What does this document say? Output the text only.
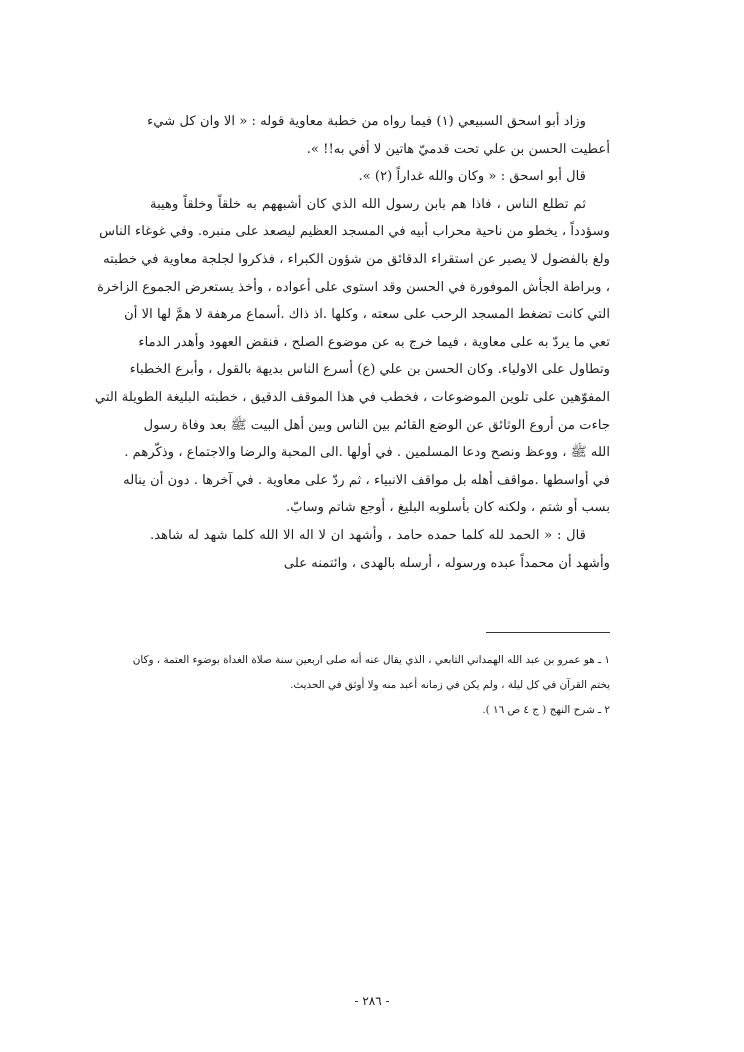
وزاد أبو اسحق السبيعي (١) فيما رواه من خطبة معاوية قوله : « الا وان كل شيء
أعطيت الحسن بن علي تحت قدميّ هاتين لا أفي به!! ».
قال أبو اسحق : « وكان والله غداراً (٢) ».
ثم تطلع الناس ، فاذا هم بابن رسول الله الذي كان أشبههم به خلقاً وخلقاً وهيبة
وسؤدداً ، يخطو من ناحية محراب أبيه في المسجد العظيم ليصعد على منبره. وفي غوغاء الناس
ولغ بالفضول لا يصبر عن استقراء الدقائق من شؤون الكبراء ، فذكروا لجلجة معاوية في خطبته
، وبراطة الجأش الموفورة في الحسن وقد استوى على أعواده ، وأخذ يستعرض الجموع الزاخرة
التي كانت تضغط المسجد الرحب على سعته ، وكلها .اذ ذاك .أسماع مرهفة لا همَّ لها الا أن
تعي ما يردّ به على معاوية ، فيما خرج به عن موضوع الصلح ، فنقض العهود وأهدر الدماء
وتطاول على الاولياء. وكان الحسن بن علي (ع) أسرع الناس بديهة بالقول ، وأبرع الخطباء
المفوّهين على تلوين الموضوعات ، فخطب في هذا الموقف الدقيق ، خطبته البليغة الطويلة التي
جاءت من أروع الوثائق عن الوضع القائم بين الناس وبين أهل البيت ﷺ بعد وفاة رسول
الله ﷺ ، ووعظ ونصح ودعا المسلمين . في أولها .الى المحبة والرضا والاجتماع ، وذكّرهم .
في أواسطها .مواقف أهله بل مواقف الانبياء ، ثم ردّ على معاوية . في آخرها . دون أن يناله
بسب أو شتم ، ولكنه كان بأسلوبه البليغ ، أوجع شاتم وسابّ.
قال : « الحمد لله كلما حمده حامد ، وأشهد ان لا اله الا الله كلما شهد له شاهد.
وأشهد أن محمداً عبده ورسوله ، أرسله بالهدى ، وائتمنه على
١ ـ هو عمرو بن عبد الله الهمداني التابعي ، الذي يقال عنه أنه صلى اربعين سنة صلاة الغداة بوضوء العتمة ، وكان
يختم القرآن في كل ليلة ، ولم يكن في زمانه أعبد منه ولا أوثق في الحديث.
٢ ـ شرح النهج ( ج ٤ ص ١٦ ).
- ٢٨٦ -
